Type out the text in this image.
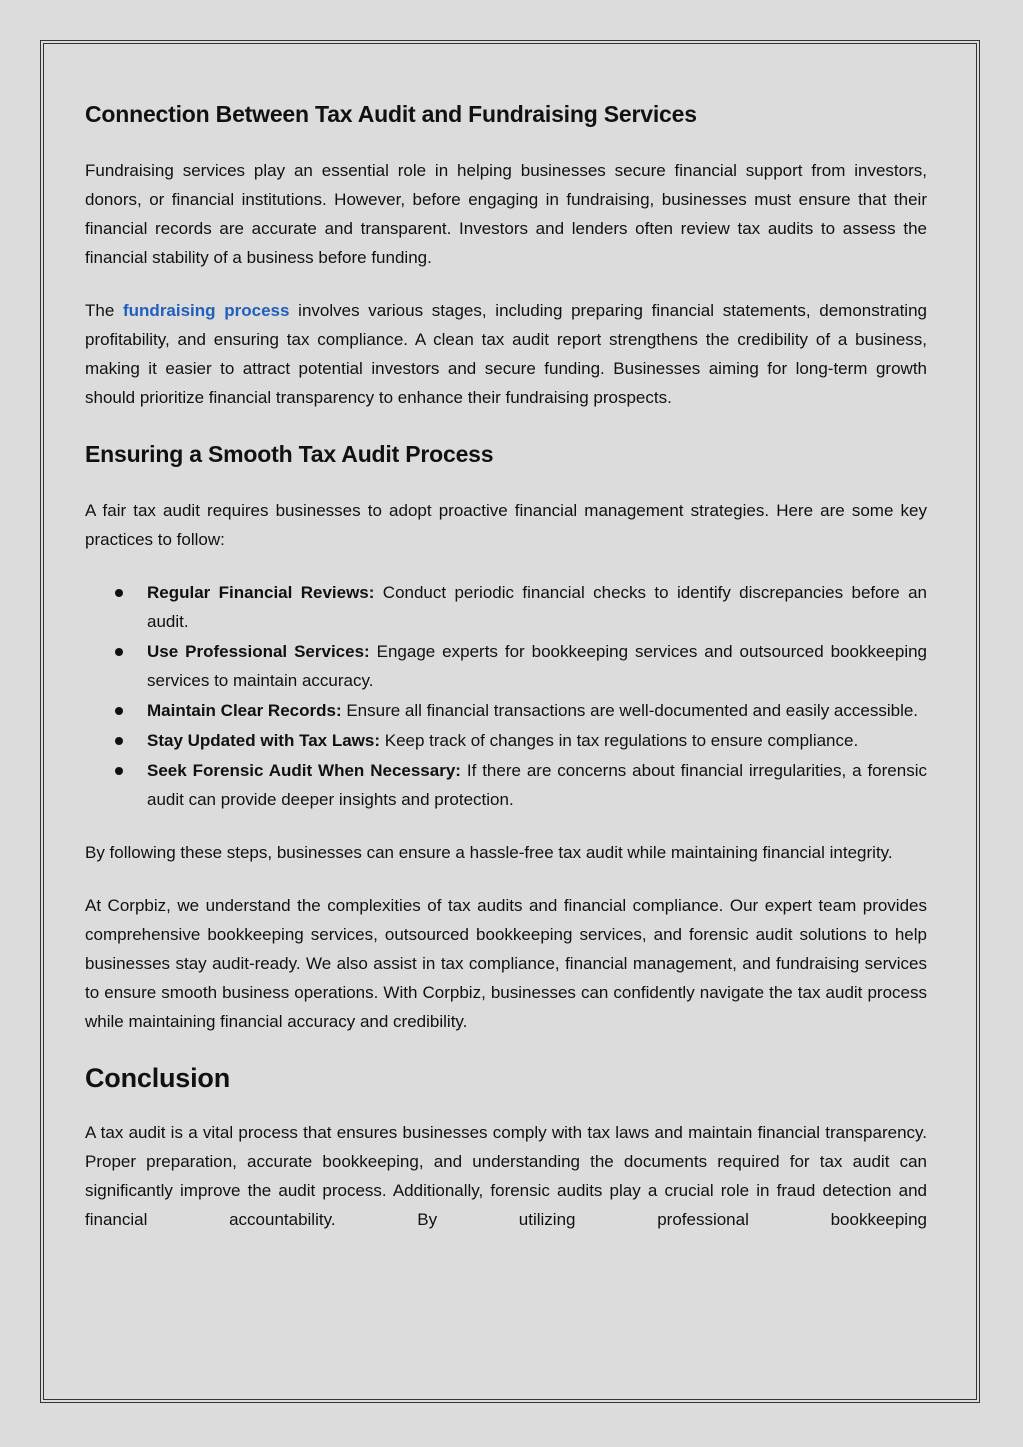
Connection Between Tax Audit and Fundraising Services

Fundraising services play an essential role in helping businesses secure financial support from investors, donors, or financial institutions. However, before engaging in fundraising, businesses must ensure that their financial records are accurate and transparent. Investors and lenders often review tax audits to assess the financial stability of a business before funding.

The fundraising process involves various stages, including preparing financial statements, demonstrating profitability, and ensuring tax compliance. A clean tax audit report strengthens the credibility of a business, making it easier to attract potential investors and secure funding. Businesses aiming for long-term growth should prioritize financial transparency to enhance their fundraising prospects.

Ensuring a Smooth Tax Audit Process

A fair tax audit requires businesses to adopt proactive financial management strategies. Here are some key practices to follow:

Regular Financial Reviews: Conduct periodic financial checks to identify discrepancies before an audit.
Use Professional Services: Engage experts for bookkeeping services and outsourced bookkeeping services to maintain accuracy.
Maintain Clear Records: Ensure all financial transactions are well-documented and easily accessible.
Stay Updated with Tax Laws: Keep track of changes in tax regulations to ensure compliance.
Seek Forensic Audit When Necessary: If there are concerns about financial irregularities, a forensic audit can provide deeper insights and protection.

By following these steps, businesses can ensure a hassle-free tax audit while maintaining financial integrity.

At Corpbiz, we understand the complexities of tax audits and financial compliance. Our expert team provides comprehensive bookkeeping services, outsourced bookkeeping services, and forensic audit solutions to help businesses stay audit-ready. We also assist in tax compliance, financial management, and fundraising services to ensure smooth business operations. With Corpbiz, businesses can confidently navigate the tax audit process while maintaining financial accuracy and credibility.

Conclusion

A tax audit is a vital process that ensures businesses comply with tax laws and maintain financial transparency. Proper preparation, accurate bookkeeping, and understanding the documents required for tax audit can significantly improve the audit process. Additionally, forensic audits play a crucial role in fraud detection and financial accountability. By utilizing professional bookkeeping
